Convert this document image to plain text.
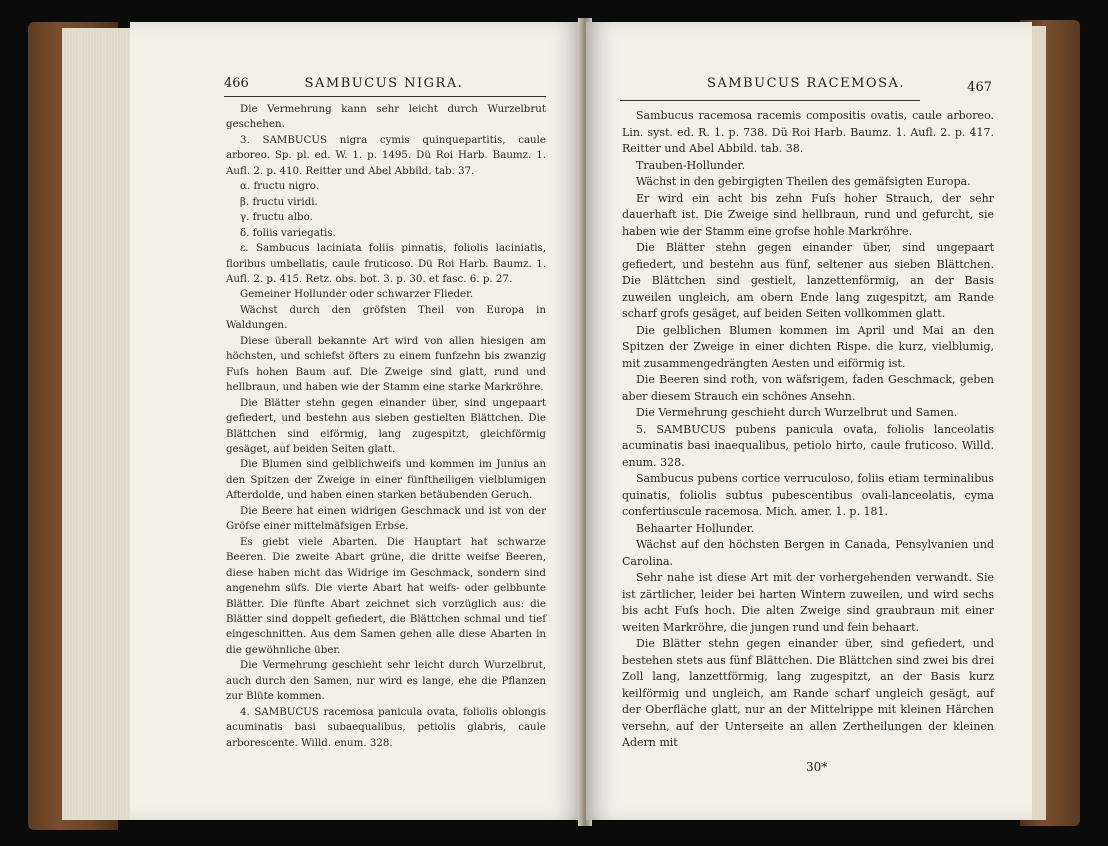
466	SAMBUCUS NIGRA.

Die Vermehrung kann sehr leicht durch Wurzelbrut geschehen.

3. SAMBUCUS nigra cymis quinquepartitis, caule arboreo. Sp. pl. ed. W. 1. p. 1495. Dü Roi Harb. Baumz. 1. Aufl. 2. p. 410. Reitter und Abel Abbild. tab. 37.

α. fructu nigro.

β. fructu viridi.

γ. fructu albo.

δ. foliis variegatis.

ε. Sambucus laciniata foliis pinnatis, foliolis laciniatis, floribus umbellatis, caule fruticoso. Dü Roi Harb. Baumz. 1. Aufl. 2. p. 415. Retz. obs. bot. 3. p. 30. et fasc. 6. p. 27.

Gemeiner Hollunder oder schwarzer Flieder.

Wächst durch den gröfsten Theil von Europa in Waldungen.

Diese überall bekannte Art wird von allen hiesigen am höchsten, und schiefst öfters zu einem funfzehn bis zwanzig Fuſs hohen Baum auf. Die Zweige sind glatt, rund und hellbraun, und haben wie der Stamm eine starke Markröhre.

Die Blätter stehn gegen einander über, sind ungepaart gefiedert, und bestehn aus sieben gestielten Blättchen. Die Blättchen sind eiförmig, lang zugespitzt, gleichförmig gesäget, auf beiden Seiten glatt.

Die Blumen sind gelblichweifs und kommen im Junius an den Spitzen der Zweige in einer fünftheiligen vielblumigen Afterdolde, und haben einen starken betäubenden Geruch.

Die Beere hat einen widrigen Geschmack und ist von der Gröfse einer mittelmäfsigen Erbse.

Es giebt viele Abarten. Die Hauptart hat schwarze Beeren. Die zweite Abart grüne, die dritte weifse Beeren, diese haben nicht das Widrige im Geschmack, sondern sind angenehm süfs. Die vierte Abart hat weifs- oder gelbbunte Blätter. Die fünfte Abart zeichnet sich vorzüglich aus: die Blätter sind doppelt gefiedert, die Blättchen schmal und tief eingeschnitten. Aus dem Samen gehen alle diese Abarten in die gewöhnliche über.

Die Vermehrung geschieht sehr leicht durch Wurzelbrut, auch durch den Samen, nur wird es lange, ehe die Pflanzen zur Blüte kommen.

4. SAMBUCUS racemosa panicula ovata, foliolis oblongis acuminatis basi subaequalibus, petiolis glabris, caule arborescente. Willd. enum. 328.

SAMBUCUS RACEMOSA.	467

Sambucus racemosa racemis compositis ovatis, caule arboreo. Lin. syst. ed. R. 1. p. 738. Dü Roi Harb. Baumz. 1. Aufl. 2. p. 417. Reitter und Abel Abbild. tab. 38.

Trauben-Hollunder.

Wächst in den gebirgigten Theilen des gemäfsigten Europa.

Er wird ein acht bis zehn Fuſs hoher Strauch, der sehr dauerhaft ist. Die Zweige sind hellbraun, rund und gefurcht, sie haben wie der Stamm eine grofse hohle Markröhre.

Die Blätter stehn gegen einander über, sind ungepaart gefiedert, und bestehn aus fünf, seltener aus sieben Blättchen. Die Blättchen sind gestielt, lanzettenförmig, an der Basis zuweilen ungleich, am obern Ende lang zugespitzt, am Rande scharf grofs gesäget, auf beiden Seiten vollkommen glatt.

Die gelblichen Blumen kommen im April und Mai an den Spitzen der Zweige in einer dichten Rispe. die kurz, vielblumig, mit zusammengedrängten Aesten und eiförmig ist.

Die Beeren sind roth, von wäfsrigem, faden Geschmack, geben aber diesem Strauch ein schönes Ansehn.

Die Vermehrung geschieht durch Wurzelbrut und Samen.

5. SAMBUCUS pubens panicula ovata, foliolis lanceolatis acuminatis basi inaequalibus, petiolo hirto, caule fruticoso. Willd. enum. 328.

Sambucus pubens cortice verruculoso, foliis etiam terminalibus quinatis, foliolis subtus pubescentibus ovali-lanceolatis, cyma confertiuscule racemosa. Mich. amer. 1. p. 181.

Behaarter Hollunder.

Wächst auf den höchsten Bergen in Canada, Pensylvanien und Carolina.

Sehr nahe ist diese Art mit der vorhergehenden verwandt. Sie ist zärtlicher, leider bei harten Wintern zuweilen, und wird sechs bis acht Fuſs hoch. Die alten Zweige sind graubraun mit einer weiten Markröhre, die jungen rund und fein behaart.

Die Blätter stehn gegen einander über, sind gefiedert, und bestehen stets aus fünf Blättchen. Die Blättchen sind zwei bis drei Zoll lang, lanzettförmig, lang zugespitzt, an der Basis kurz keilförmig und ungleich, am Rande scharf ungleich gesägt, auf der Oberfläche glatt, nur an der Mittelrippe mit kleinen Härchen versehn, auf der Unterseite an allen Zertheilungen der kleinen Adern mit

30*
